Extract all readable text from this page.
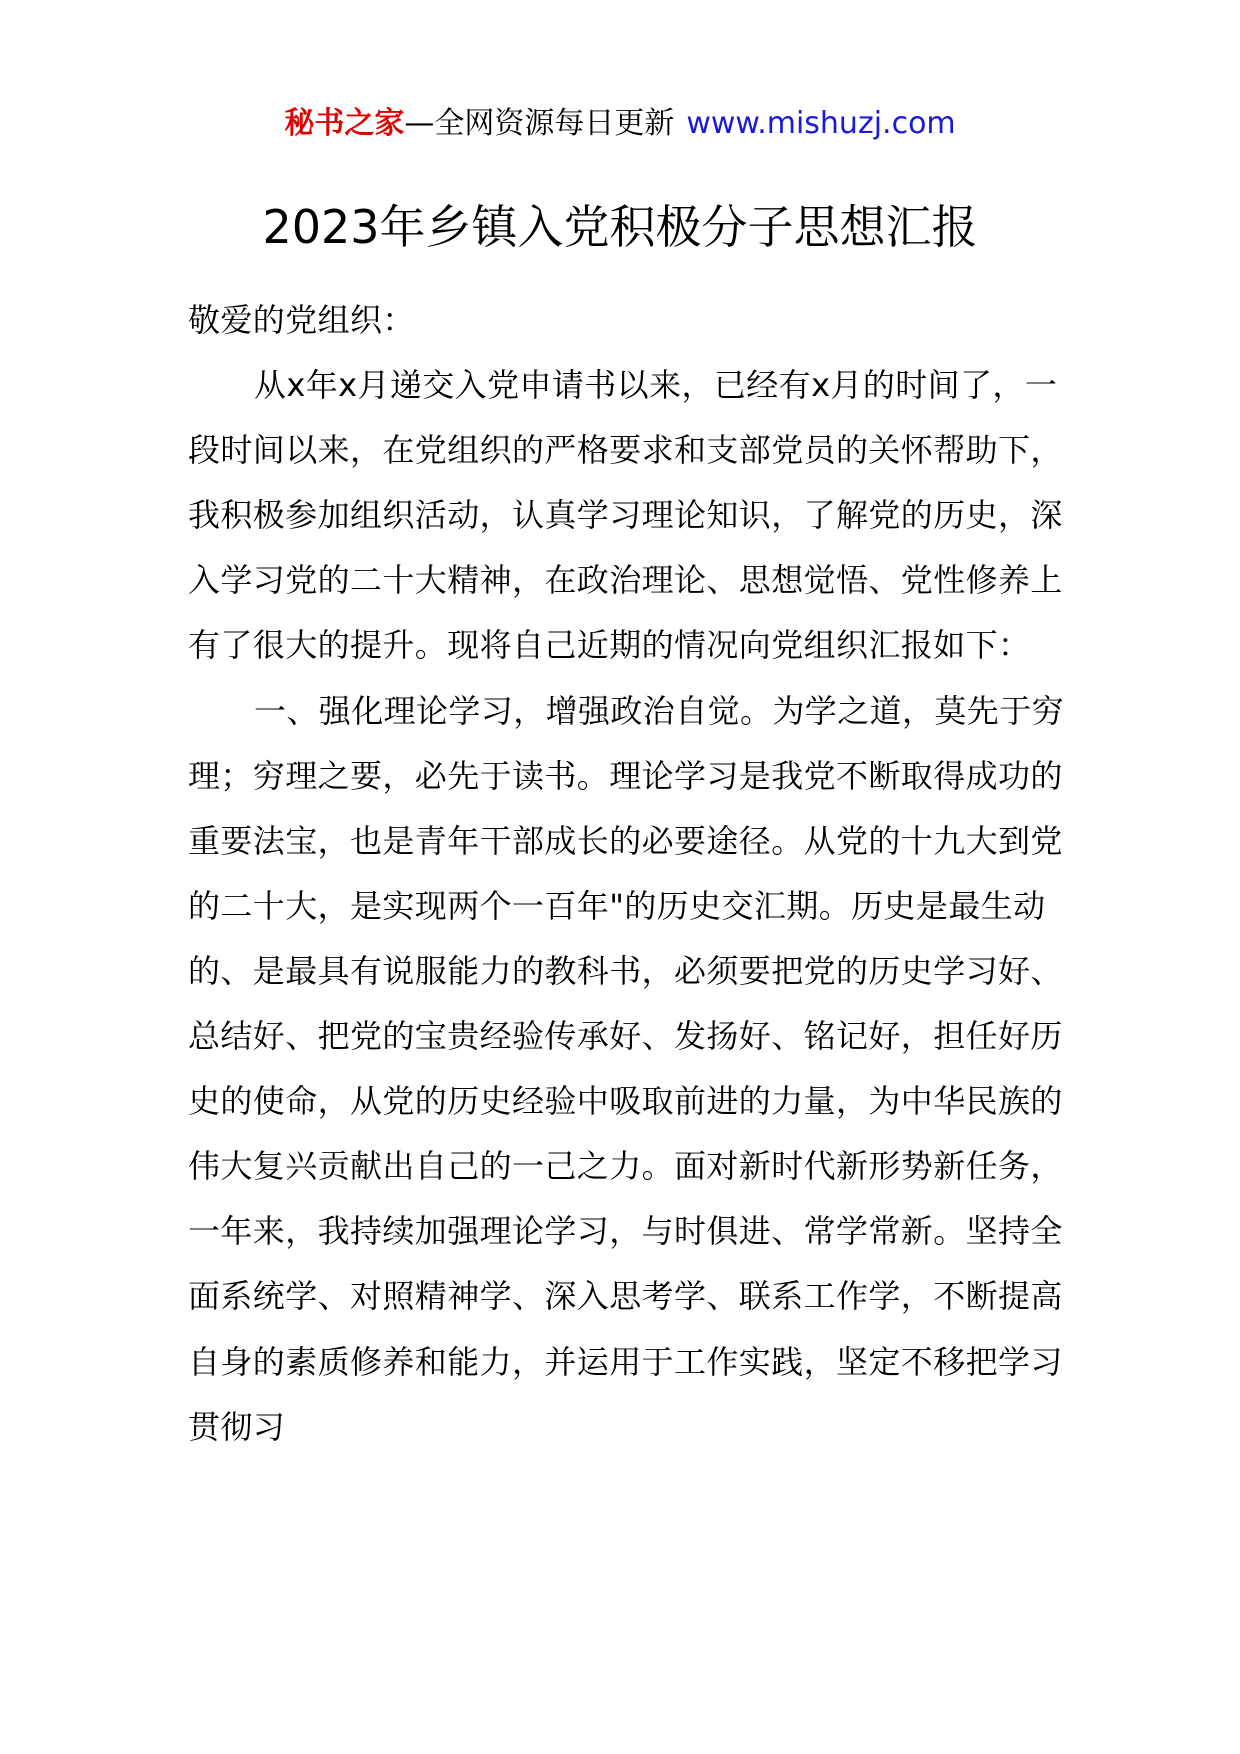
秘书之家—全网资源每日更新 www.mishuzj.com
2023年乡镇入党积极分子思想汇报

敬爱的党组织：

从x年x月递交入党申请书以来，已经有x月的时间了，一段时间以来，在党组织的严格要求和支部党员的关怀帮助下，我积极参加组织活动，认真学习理论知识，了解党的历史，深入学习党的二十大精神，在政治理论、思想觉悟、党性修养上有了很大的提升。现将自己近期的情况向党组织汇报如下：

一、强化理论学习，增强政治自觉。为学之道，莫先于穷理；穷理之要，必先于读书。理论学习是我党不断取得成功的重要法宝，也是青年干部成长的必要途径。从党的十九大到党的二十大，是实现两个一百年"的历史交汇期。历史是最生动的、是最具有说服能力的教科书，必须要把党的历史学习好、总结好、把党的宝贵经验传承好、发扬好、铭记好，担任好历史的使命，从党的历史经验中吸取前进的力量，为中华民族的伟大复兴贡献出自己的一己之力。面对新时代新形势新任务，一年来，我持续加强理论学习，与时俱进、常学常新。坚持全面系统学、对照精神学、深入思考学、联系工作学，不断提高自身的素质修养和能力，并运用于工作实践，坚定不移把学习贯彻习
